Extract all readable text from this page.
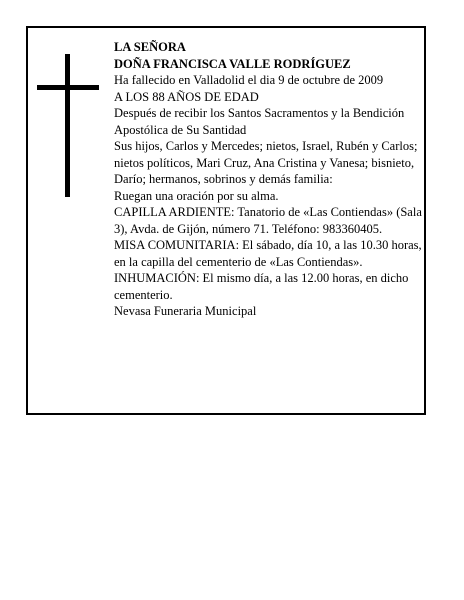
LA SEÑORA

DOÑA FRANCISCA VALLE RODRÍGUEZ

Ha fallecido en Valladolid el dia 9 de octubre de 2009

A LOS 88 AÑOS DE EDAD

Después de recibir los Santos Sacramentos y la Bendición Apostólica de Su Santidad

Sus hijos, Carlos y Mercedes; nietos, Israel, Rubén y Carlos; nietos políticos, Mari Cruz, Ana Cristina y Vanesa; bisnieto, Darío; hermanos, sobrinos y demás familia:

Ruegan una oración por su alma.

CAPILLA ARDIENTE: Tanatorio de «Las Contiendas» (Sala 3), Avda. de Gijón, número 71. Teléfono: 983360405.

MISA COMUNITARIA: El sábado, día 10, a las 10.30 horas, en la capilla del cementerio de «Las Contiendas».

INHUMACIÓN: El mismo día, a las 12.00 horas, en dicho cementerio.

Nevasa Funeraria Municipal
